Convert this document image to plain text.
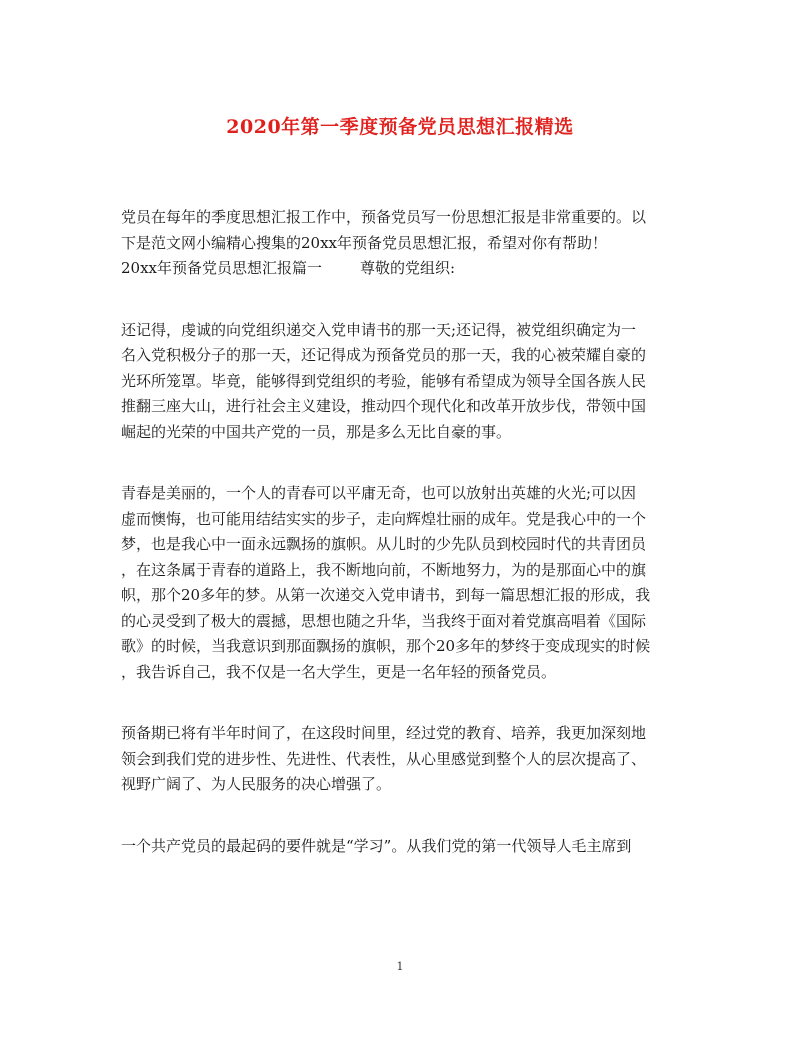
2020年第一季度预备党员思想汇报精选
党员在每年的季度思想汇报工作中，预备党员写一份思想汇报是非常重要的。以
下是范文网小编精心搜集的20xx年预备党员思想汇报，希望对你有帮助！
20xx年预备党员思想汇报篇一	尊敬的党组织:
还记得，虔诚的向党组织递交入党申请书的那一天;还记得，被党组织确定为一
名入党积极分子的那一天，还记得成为预备党员的那一天，我的心被荣耀自豪的
光环所笼罩。毕竟，能够得到党组织的考验，能够有希望成为领导全国各族人民
推翻三座大山，进行社会主义建设，推动四个现代化和改革开放步伐，带领中国
崛起的光荣的中国共产党的一员，那是多么无比自豪的事。
青春是美丽的，一个人的青春可以平庸无奇，也可以放射出英雄的火光;可以因
虚而懊悔，也可能用结结实实的步子，走向辉煌壮丽的成年。党是我心中的一个
梦，也是我心中一面永远飘扬的旗帜。从儿时的少先队员到校园时代的共青团员
，在这条属于青春的道路上，我不断地向前，不断地努力，为的是那面心中的旗
帜，那个20多年的梦。从第一次递交入党申请书，到每一篇思想汇报的形成，我
的心灵受到了极大的震撼，思想也随之升华，当我终于面对着党旗高唱着《国际
歌》的时候，当我意识到那面飘扬的旗帜，那个20多年的梦终于变成现实的时候
，我告诉自己，我不仅是一名大学生，更是一名年轻的预备党员。
预备期已将有半年时间了，在这段时间里，经过党的教育、培养，我更加深刻地
领会到我们党的进步性、先进性、代表性，从心里感觉到整个人的层次提高了、
视野广阔了、为人民服务的决心增强了。
一个共产党员的最起码的要件就是“学习”。从我们党的第一代领导人毛主席到
1
